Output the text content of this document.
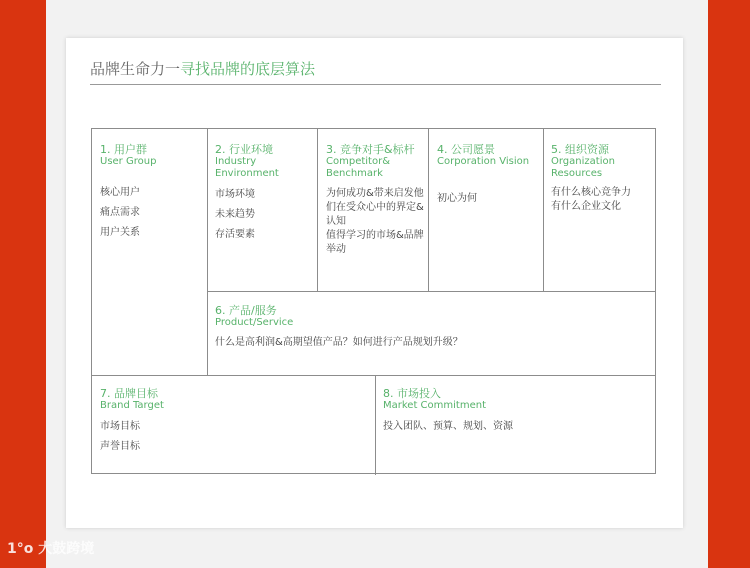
品牌生命力一寻找品牌的底层算法
1. 用户群
User Group
核心用户
痛点需求
用户关系
2. 行业环境
Industry Environment
市场环境
未来趋势
存活要素
3. 竞争对手&标杆
Competitor& Benchmark
为何成功&带来启发他们在受众心中的界定&认知
值得学习的市场&品牌举动
4. 公司愿景
Corporation Vision
初心为何
5. 组织资源
Organization Resources
有什么核心竞争力
有什么企业文化
6. 产品/服务
Product/Service
什么是高利润&高期望值产品？如何进行产品规划升级？
7. 品牌目标
Brand Target
市场目标
声誉目标
8. 市场投入
Market Commitment
投入团队、预算、规划、资源
1°o 大鼓跨境
